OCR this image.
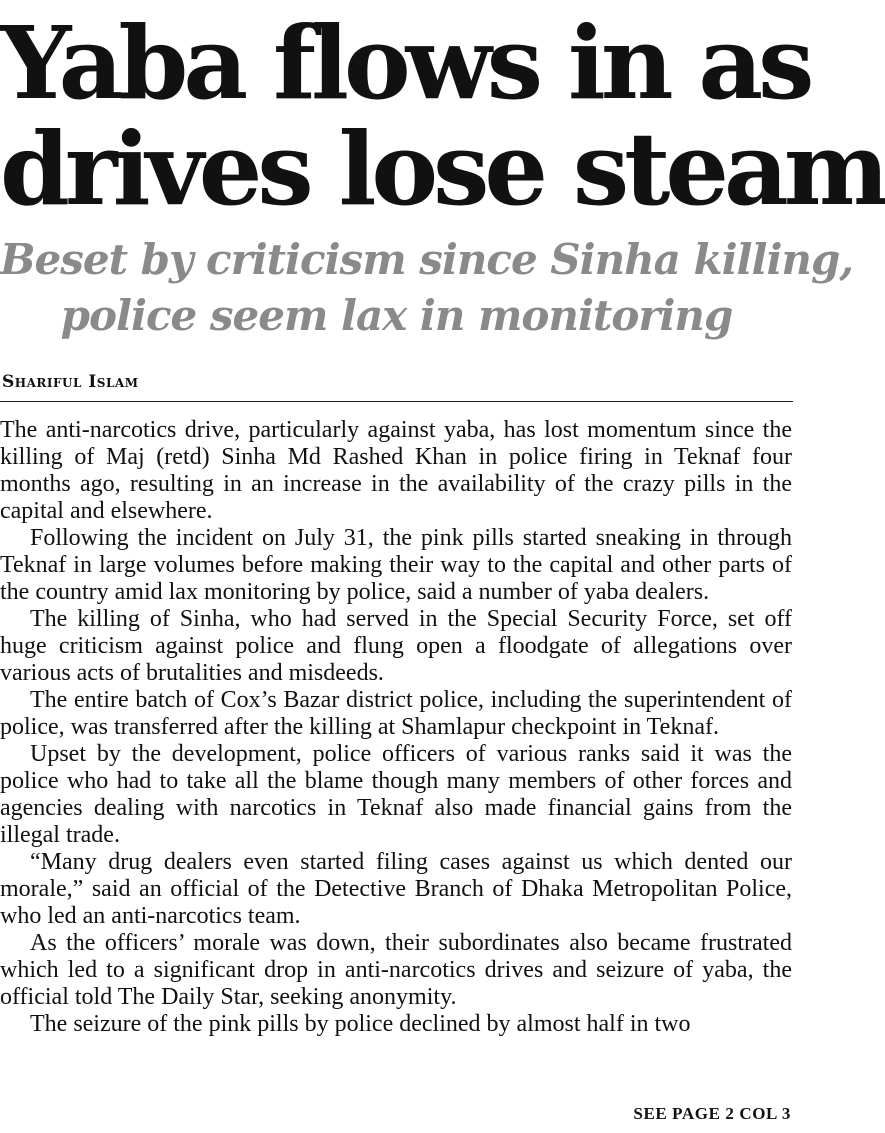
Yaba flows in as
drives lose steam
Beset by criticism since Sinha killing,
police seem lax in monitoring
Shariful Islam

The anti-narcotics drive, particularly against yaba, has lost momentum since the killing of Maj (retd) Sinha Md Rashed Khan in police firing in Teknaf four months ago, resulting in an increase in the availability of the crazy pills in the capital and elsewhere.

Following the incident on July 31, the pink pills started sneaking in through Teknaf in large volumes before making their way to the capital and other parts of the country amid lax monitoring by police, said a number of yaba dealers.

The killing of Sinha, who had served in the Special Security Force, set off huge criticism against police and flung open a floodgate of allegations over various acts of brutalities and misdeeds.

The entire batch of Cox’s Bazar district police, including the superintendent of police, was transferred after the killing at Shamlapur checkpoint in Teknaf.

Upset by the development, police officers of various ranks said it was the police who had to take all the blame though many members of other forces and agencies dealing with narcotics in Teknaf also made financial gains from the illegal trade.

“Many drug dealers even started filing cases against us which dented our morale,” said an official of the Detective Branch of Dhaka Metropolitan Police, who led an anti-narcotics team.

As the officers’ morale was down, their subordinates also became frustrated which led to a significant drop in anti-narcotics drives and seizure of yaba, the official told The Daily Star, seeking anonymity.

The seizure of the pink pills by police declined by almost half in two

SEE PAGE 2 COL 3
